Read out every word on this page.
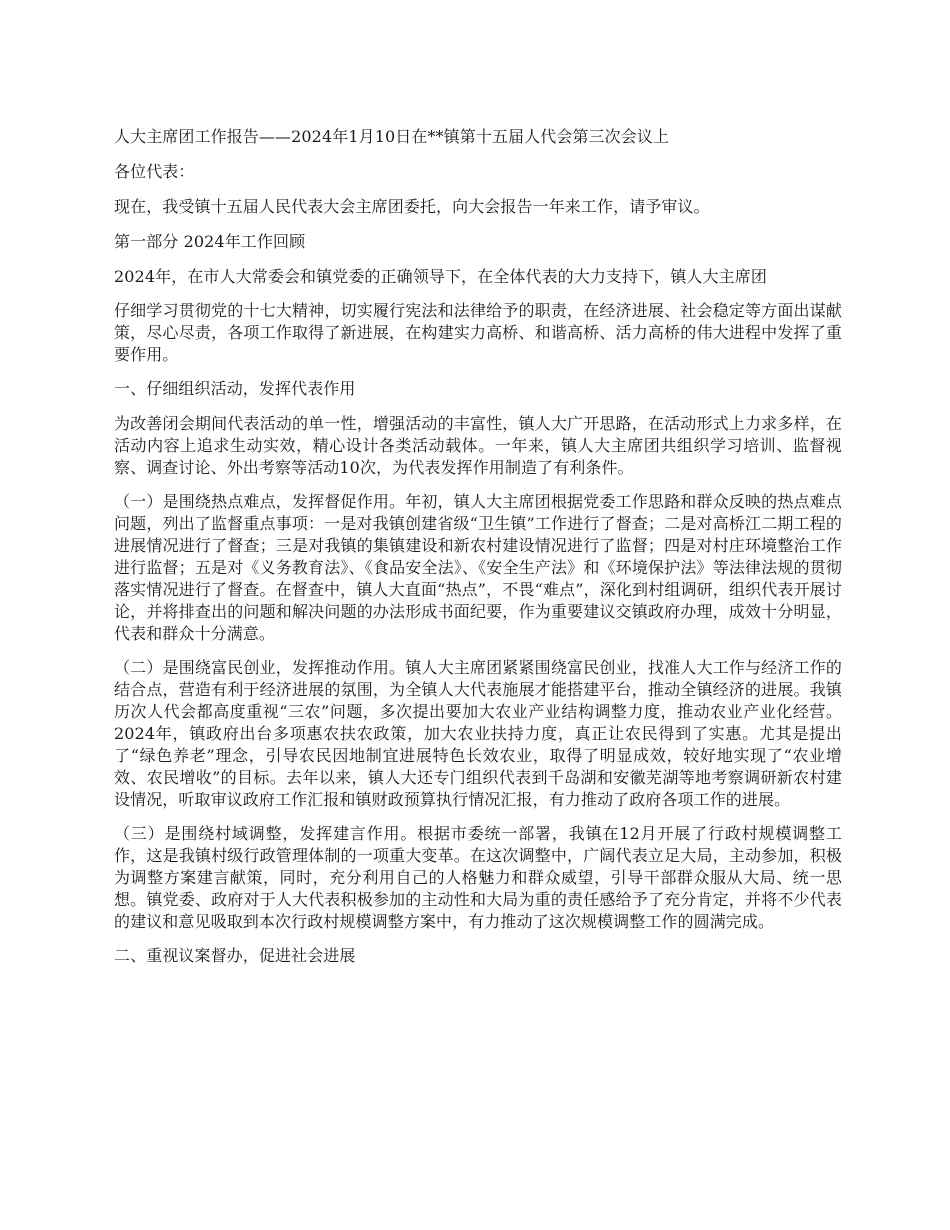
人大主席团工作报告——2024年1月10日在**镇第十五届人代会第三次会议上

各位代表：

现在，我受镇十五届人民代表大会主席团委托，向大会报告一年来工作，请予审议。

第一部分 2024年工作回顾

2024年，在市人大常委会和镇党委的正确领导下，在全体代表的大力支持下，镇人大主席团

仔细学习贯彻党的十七大精神，切实履行宪法和法律给予的职责，在经济进展、社会稳定等方面出谋献策，尽心尽责，各项工作取得了新进展，在构建实力高桥、和谐高桥、活力高桥的伟大进程中发挥了重要作用。

一、仔细组织活动，发挥代表作用

为改善闭会期间代表活动的单一性，增强活动的丰富性，镇人大广开思路，在活动形式上力求多样，在活动内容上追求生动实效，精心设计各类活动载体。一年来，镇人大主席团共组织学习培训、监督视察、调查讨论、外出考察等活动10次，为代表发挥作用制造了有利条件。

（一）是围绕热点难点，发挥督促作用。年初，镇人大主席团根据党委工作思路和群众反映的热点难点问题，列出了监督重点事项：一是对我镇创建省级“卫生镇”工作进行了督查；二是对高桥江二期工程的进展情况进行了督查；三是对我镇的集镇建设和新农村建设情况进行了监督；四是对村庄环境整治工作进行监督；五是对《义务教育法》、《食品安全法》、《安全生产法》和《环境保护法》等法律法规的贯彻落实情况进行了督查。在督查中，镇人大直面“热点”，不畏“难点”，深化到村组调研，组织代表开展讨论，并将排查出的问题和解决问题的办法形成书面纪要，作为重要建议交镇政府办理，成效十分明显，代表和群众十分满意。

（二）是围绕富民创业，发挥推动作用。镇人大主席团紧紧围绕富民创业，找准人大工作与经济工作的结合点，营造有利于经济进展的氛围，为全镇人大代表施展才能搭建平台，推动全镇经济的进展。我镇历次人代会都高度重视“三农”问题，多次提出要加大农业产业结构调整力度，推动农业产业化经营。2024年，镇政府出台多项惠农扶农政策，加大农业扶持力度，真正让农民得到了实惠。尤其是提出了“绿色养老”理念，引导农民因地制宜进展特色长效农业，取得了明显成效，较好地实现了“农业增效、农民增收”的目标。去年以来，镇人大还专门组织代表到千岛湖和安徽芜湖等地考察调研新农村建设情况，听取审议政府工作汇报和镇财政预算执行情况汇报，有力推动了政府各项工作的进展。

（三）是围绕村域调整，发挥建言作用。根据市委统一部署，我镇在12月开展了行政村规模调整工作，这是我镇村级行政管理体制的一项重大变革。在这次调整中，广阔代表立足大局，主动参加，积极为调整方案建言献策，同时，充分利用自己的人格魅力和群众威望，引导干部群众服从大局、统一思想。镇党委、政府对于人大代表积极参加的主动性和大局为重的责任感给予了充分肯定，并将不少代表的建议和意见吸取到本次行政村规模调整方案中，有力推动了这次规模调整工作的圆满完成。

二、重视议案督办，促进社会进展
